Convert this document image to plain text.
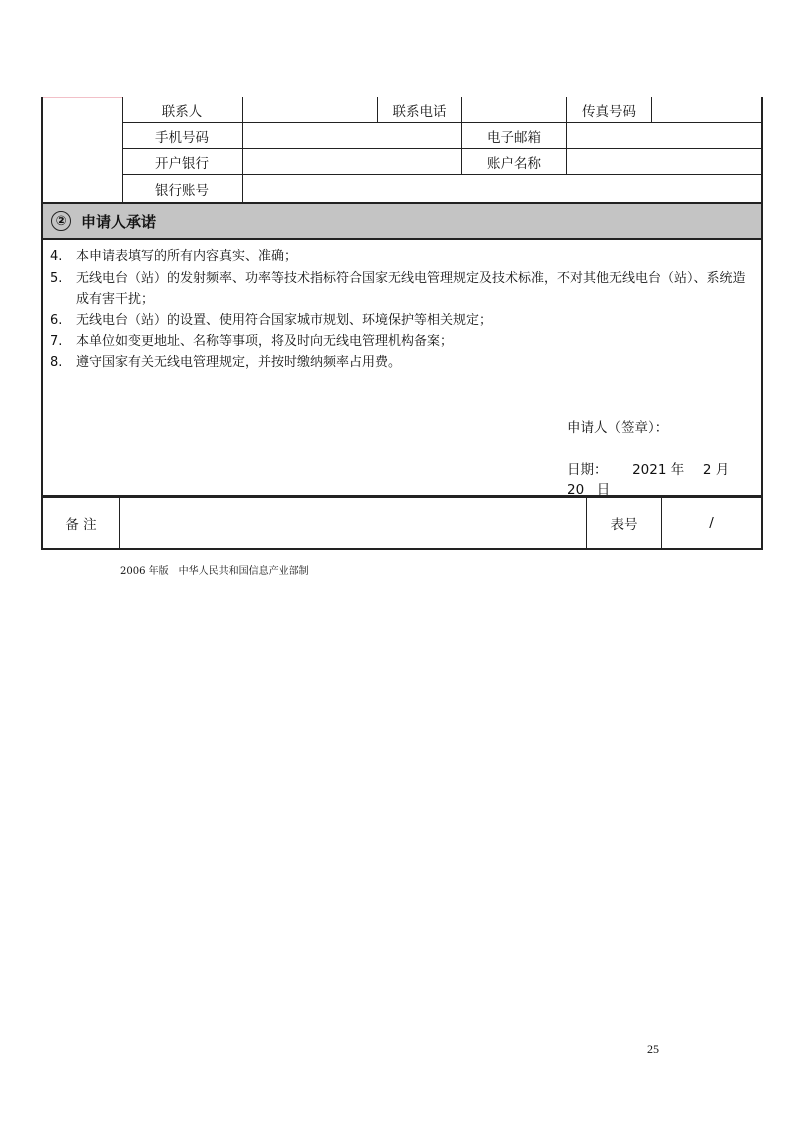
联系人	联系电话	传真号码
手机号码	电子邮箱
开户银行	账户名称
银行账号
② 申请人承诺
4.	本申请表填写的所有内容真实、准确；
5.	无线电台（站）的发射频率、功率等技术指标符合国家无线电管理规定及技术标准，不对其他无线电台（站）、系统造成有害干扰；
6.	无线电台（站）的设置、使用符合国家城市规划、环境保护等相关规定；
7.	本单位如变更地址、名称等事项，将及时向无线电管理机构备案；
8.	遵守国家有关无线电管理规定，并按时缴纳频率占用费。
申请人（签章）：
日期： 2021 年 2 月  20 日
备 注	表号	/
2006 年版　中华人民共和国信息产业部制
25
